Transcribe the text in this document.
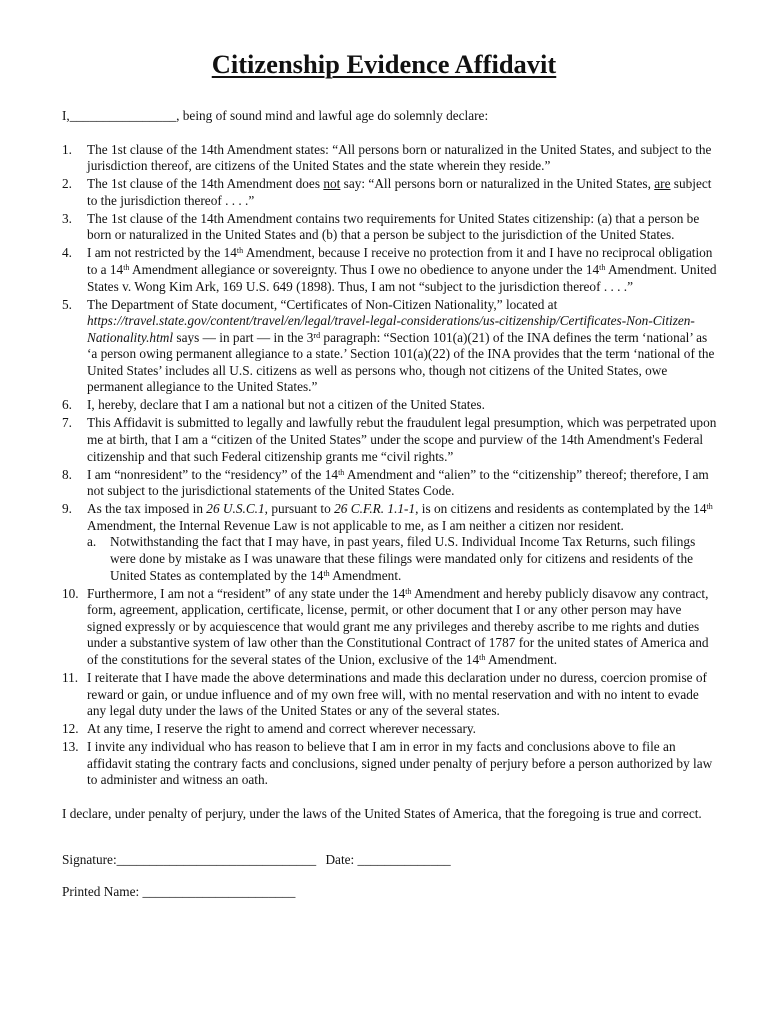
Citizenship Evidence Affidavit

I,________________, being of sound mind and lawful age do solemnly declare:

1. The 1st clause of the 14th Amendment states: “All persons born or naturalized in the United States, and subject to the jurisdiction thereof, are citizens of the United States and the state wherein they reside.”
2. The 1st clause of the 14th Amendment does not say: “All persons born or naturalized in the United States, are subject to the jurisdiction thereof . . . .”
3. The 1st clause of the 14th Amendment contains two requirements for United States citizenship: (a) that a person be born or naturalized in the United States and (b) that a person be subject to the jurisdiction of the United States.
4. I am not restricted by the 14th Amendment, because I receive no protection from it and I have no reciprocal obligation to a 14th Amendment allegiance or sovereignty. Thus I owe no obedience to anyone under the 14th Amendment. United States v. Wong Kim Ark, 169 U.S. 649 (1898). Thus, I am not “subject to the jurisdiction thereof . . . .”
5. The Department of State document, “Certificates of Non-Citizen Nationality,” located at https://travel.state.gov/content/travel/en/legal/travel-legal-considerations/us-citizenship/Certificates-Non-Citizen-Nationality.html says — in part — in the 3rd paragraph: “Section 101(a)(21) of the INA defines the term ‘national’ as ‘a person owing permanent allegiance to a state.’ Section 101(a)(22) of the INA provides that the term ‘national of the United States’ includes all U.S. citizens as well as persons who, though not citizens of the United States, owe permanent allegiance to the United States.”
6. I, hereby, declare that I am a national but not a citizen of the United States.
7. This Affidavit is submitted to legally and lawfully rebut the fraudulent legal presumption, which was perpetrated upon me at birth, that I am a “citizen of the United States” under the scope and purview of the 14th Amendment's Federal citizenship and that such Federal citizenship grants me “civil rights.”
8. I am “nonresident” to the “residency” of the 14th Amendment and “alien” to the “citizenship” thereof; therefore, I am not subject to the jurisdictional statements of the United States Code.
9. As the tax imposed in 26 U.S.C.1, pursuant to 26 C.F.R. 1.1-1, is on citizens and residents as contemplated by the 14th Amendment, the Internal Revenue Law is not applicable to me, as I am neither a citizen nor resident.
a. Notwithstanding the fact that I may have, in past years, filed U.S. Individual Income Tax Returns, such filings were done by mistake as I was unaware that these filings were mandated only for citizens and residents of the United States as contemplated by the 14th Amendment.
10. Furthermore, I am not a “resident” of any state under the 14th Amendment and hereby publicly disavow any contract, form, agreement, application, certificate, license, permit, or other document that I or any other person may have signed expressly or by acquiescence that would grant me any privileges and thereby ascribe to me rights and duties under a substantive system of law other than the Constitutional Contract of 1787 for the united states of America and of the constitutions for the several states of the Union, exclusive of the 14th Amendment.
11. I reiterate that I have made the above determinations and made this declaration under no duress, coercion promise of reward or gain, or undue influence and of my own free will, with no mental reservation and with no intent to evade any legal duty under the laws of the United States or any of the several states.
12. At any time, I reserve the right to amend and correct wherever necessary.
13. I invite any individual who has reason to believe that I am in error in my facts and conclusions above to file an affidavit stating the contrary facts and conclusions, signed under penalty of perjury before a person authorized by law to administer and witness an oath.

I declare, under penalty of perjury, under the laws of the United States of America, that the foregoing is true and correct.

Signature:______________________________ Date: ______________

Printed Name: _______________________
